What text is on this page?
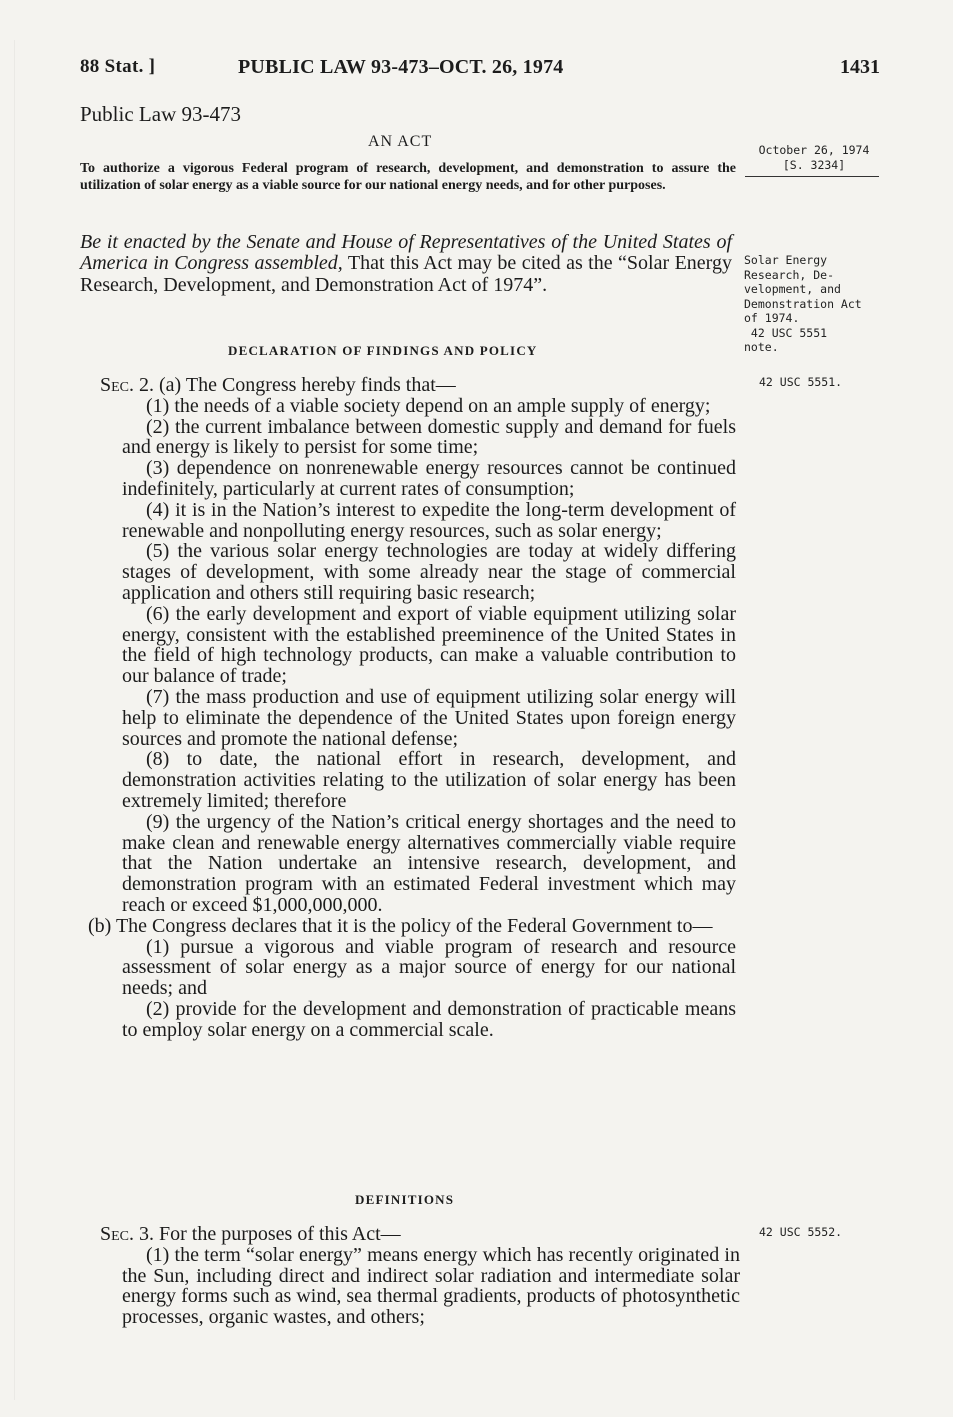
88 Stat. ]	PUBLIC LAW 93-473–OCT. 26, 1974	1431
Public Law 93-473
AN ACT
To authorize a vigorous Federal program of research, development, and demonstration to assure the utilization of solar energy as a viable source for our national energy needs, and for other purposes.
Be it enacted by the Senate and House of Representatives of the United States of America in Congress assembled, That this Act may be cited as the “Solar Energy Research, Development, and Demonstration Act of 1974”.
DECLARATION OF FINDINGS AND POLICY

Sec. 2. (a) The Congress hereby finds that—

(1) the needs of a viable society depend on an ample supply of energy;

(2) the current imbalance between domestic supply and demand for fuels and energy is likely to persist for some time;

(3) dependence on nonrenewable energy resources cannot be continued indefinitely, particularly at current rates of consumption;

(4) it is in the Nation’s interest to expedite the long-term development of renewable and nonpolluting energy resources, such as solar energy;

(5) the various solar energy technologies are today at widely differing stages of development, with some already near the stage of commercial application and others still requiring basic research;

(6) the early development and export of viable equipment utilizing solar energy, consistent with the established preeminence of the United States in the field of high technology products, can make a valuable contribution to our balance of trade;

(7) the mass production and use of equipment utilizing solar energy will help to eliminate the dependence of the United States upon foreign energy sources and promote the national defense;

(8) to date, the national effort in research, development, and demonstration activities relating to the utilization of solar energy has been extremely limited; therefore

(9) the urgency of the Nation’s critical energy shortages and the need to make clean and renewable energy alternatives commercially viable require that the Nation undertake an intensive research, development, and demonstration program with an estimated Federal investment which may reach or exceed $1,000,000,000.

(b) The Congress declares that it is the policy of the Federal Government to—

(1) pursue a vigorous and viable program of research and resource assessment of solar energy as a major source of energy for our national needs; and

(2) provide for the development and demonstration of practicable means to employ solar energy on a commercial scale.

DEFINITIONS

Sec. 3. For the purposes of this Act—

(1) the term “solar energy” means energy which has recently originated in the Sun, including direct and indirect solar radiation and intermediate solar energy forms such as wind, sea thermal gradients, products of photosynthetic processes, organic wastes, and others;

October 26, 1974
[S. 3234]
Solar Energy
Research, De-
velopment, and
Demonstration Act
of 1974.
42 USC 5551
note.
42 USC 5551.
42 USC 5552.
